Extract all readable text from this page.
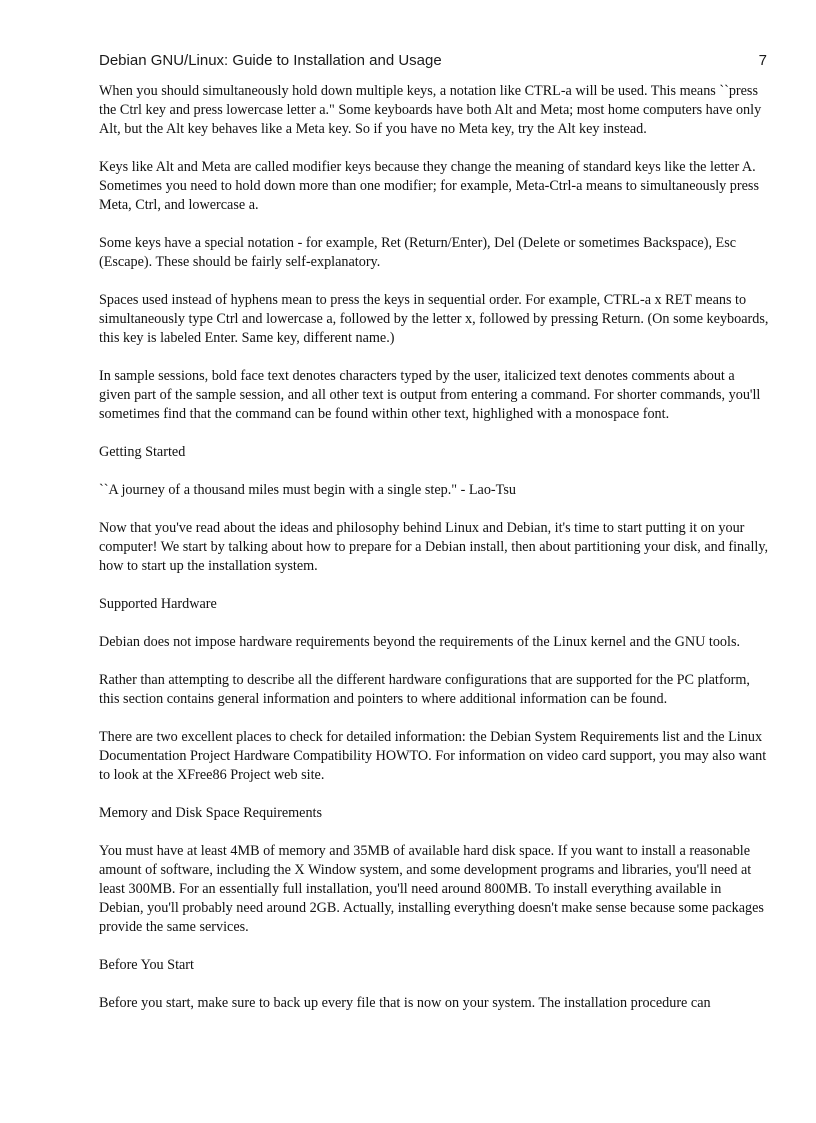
Debian GNU/Linux: Guide to Installation and Usage	7

When you should simultaneously hold down multiple keys, a notation like CTRL-a will be used. This means ``press the Ctrl key and press lowercase letter a." Some keyboards have both Alt and Meta; most home computers have only Alt, but the Alt key behaves like a Meta key. So if you have no Meta key, try the Alt key instead.

Keys like Alt and Meta are called modifier keys because they change the meaning of standard keys like the letter A. Sometimes you need to hold down more than one modifier; for example, Meta-Ctrl-a means to simultaneously press Meta, Ctrl, and lowercase a.

Some keys have a special notation - for example, Ret (Return/Enter), Del (Delete or sometimes Backspace), Esc (Escape). These should be fairly self-explanatory.

Spaces used instead of hyphens mean to press the keys in sequential order. For example, CTRL-a x RET means to simultaneously type Ctrl and lowercase a, followed by the letter x, followed by pressing Return. (On some keyboards, this key is labeled Enter. Same key, different name.)

In sample sessions, bold face text denotes characters typed by the user, italicized text denotes comments about a given part of the sample session, and all other text is output from entering a command. For shorter commands, you'll sometimes find that the command can be found within other text, highlighed with a monospace font.

Getting Started

``A journey of a thousand miles must begin with a single step." - Lao-Tsu

Now that you've read about the ideas and philosophy behind Linux and Debian, it's time to start putting it on your computer! We start by talking about how to prepare for a Debian install, then about partitioning your disk, and finally, how to start up the installation system.

Supported Hardware

Debian does not impose hardware requirements beyond the requirements of the Linux kernel and the GNU tools.

Rather than attempting to describe all the different hardware configurations that are supported for the PC platform, this section contains general information and pointers to where additional information can be found.

There are two excellent places to check for detailed information: the Debian System Requirements list and the Linux Documentation Project Hardware Compatibility HOWTO. For information on video card support, you may also want to look at the XFree86 Project web site.

Memory and Disk Space Requirements

You must have at least 4MB of memory and 35MB of available hard disk space. If you want to install a reasonable amount of software, including the X Window system, and some development programs and libraries, you'll need at least 300MB. For an essentially full installation, you'll need around 800MB. To install everything available in Debian, you'll probably need around 2GB. Actually, installing everything doesn't make sense because some packages provide the same services.

Before You Start

Before you start, make sure to back up every file that is now on your system. The installation procedure can
